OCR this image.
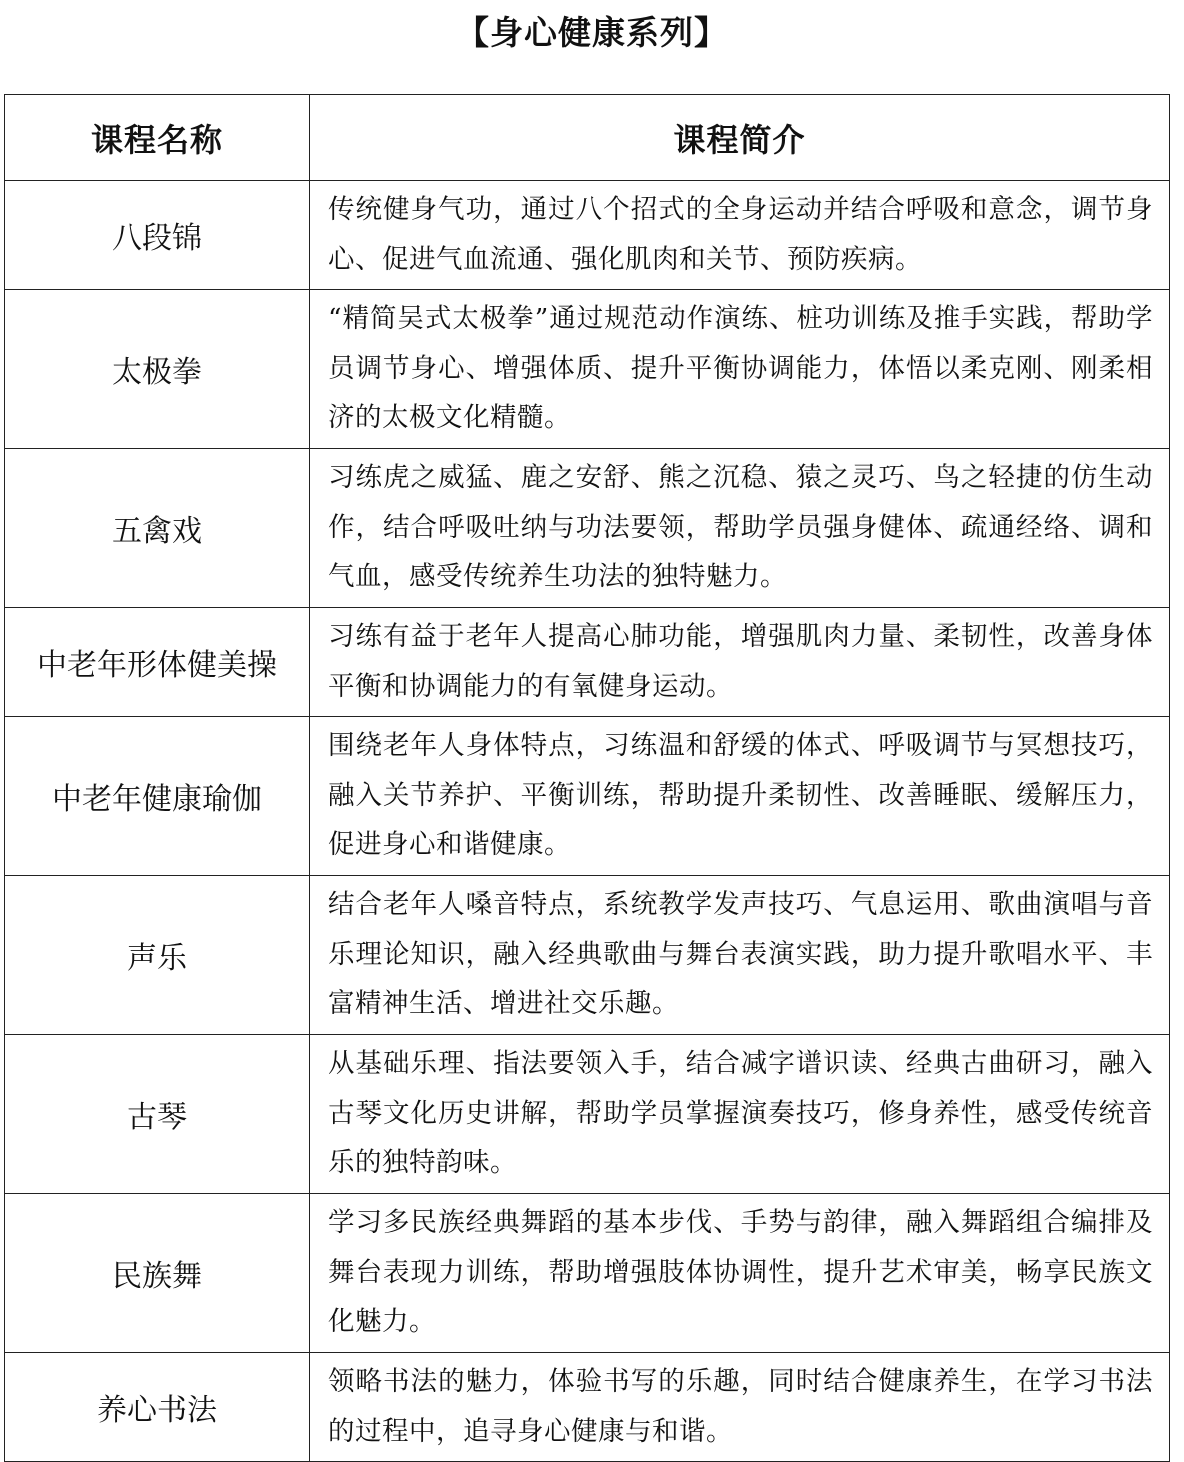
【身心健康系列】
课程名称	课程简介
八段锦	传统健身气功，通过八个招式的全身运动并结合呼吸和意念，调节身心、促进气血流通、强化肌肉和关节、预防疾病。
太极拳	“精简吴式太极拳”通过规范动作演练、桩功训练及推手实践，帮助学员调节身心、增强体质、提升平衡协调能力，体悟以柔克刚、刚柔相济的太极文化精髓。
五禽戏	习练虎之威猛、鹿之安舒、熊之沉稳、猿之灵巧、鸟之轻捷的仿生动作，结合呼吸吐纳与功法要领，帮助学员强身健体、疏通经络、调和气血，感受传统养生功法的独特魅力。
中老年形体健美操	习练有益于老年人提高心肺功能，增强肌肉力量、柔韧性，改善身体平衡和协调能力的有氧健身运动。
中老年健康瑜伽	围绕老年人身体特点，习练温和舒缓的体式、呼吸调节与冥想技巧，融入关节养护、平衡训练，帮助提升柔韧性、改善睡眠、缓解压力，促进身心和谐健康。
声乐	结合老年人嗓音特点，系统教学发声技巧、气息运用、歌曲演唱与音乐理论知识，融入经典歌曲与舞台表演实践，助力提升歌唱水平、丰富精神生活、增进社交乐趣。
古琴	从基础乐理、指法要领入手，结合减字谱识读、经典古曲研习，融入古琴文化历史讲解，帮助学员掌握演奏技巧，修身养性，感受传统音乐的独特韵味。
民族舞	学习多民族经典舞蹈的基本步伐、手势与韵律，融入舞蹈组合编排及舞台表现力训练，帮助增强肢体协调性，提升艺术审美，畅享民族文化魅力。
养心书法	领略书法的魅力，体验书写的乐趣，同时结合健康养生，在学习书法的过程中，追寻身心健康与和谐。
